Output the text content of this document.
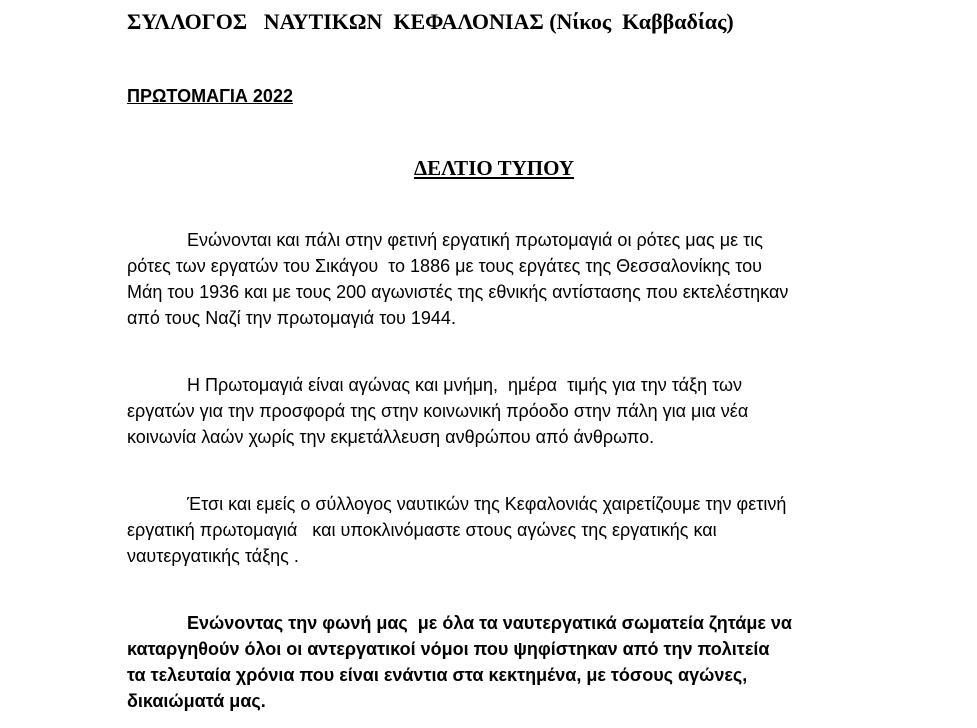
ΣΥΛΛΟΓΟΣ   ΝΑΥΤΙΚΩΝ  ΚΕΦΑΛΟΝΙΑΣ (Νίκος  Καββαδίας)
ΠΡΩΤΟΜΑΓΙΑ 2022
ΔΕΛΤΙΟ ΤΥΠΟΥ

Ενώνονται και πάλι στην φετινή εργατική πρωτομαγιά οι ρότες μας με τις
ρότες των εργατών του Σικάγου  το 1886 με τους εργάτες της Θεσσαλονίκης του
Μάη του 1936 και με τους 200 αγωνιστές της εθνικής αντίστασης που εκτελέστηκαν
από τους Ναζί την πρωτομαγιά του 1944.

Η Πρωτομαγιά είναι αγώνας και μνήμη,  ημέρα  τιμής για την τάξη των
εργατών για την προσφορά της στην κοινωνική πρόοδο στην πάλη για μια νέα
κοινωνία λαών χωρίς την εκμετάλλευση ανθρώπου από άνθρωπο.

Έτσι και εμείς ο σύλλογος ναυτικών της Κεφαλονιάς χαιρετίζουμε την φετινή
εργατική πρωτομαγιά   και υποκλινόμαστε στους αγώνες της εργατικής και
ναυτεργατικής τάξης .

Ενώνοντας την φωνή μας  με όλα τα ναυτεργατικά σωματεία ζητάμε να
καταργηθούν όλοι οι αντεργατικοί νόμοι που ψηφίστηκαν από την πολιτεία
τα τελευταία χρόνια που είναι ενάντια στα κεκτημένα, με τόσους αγώνες,
δικαιώματά μας.
